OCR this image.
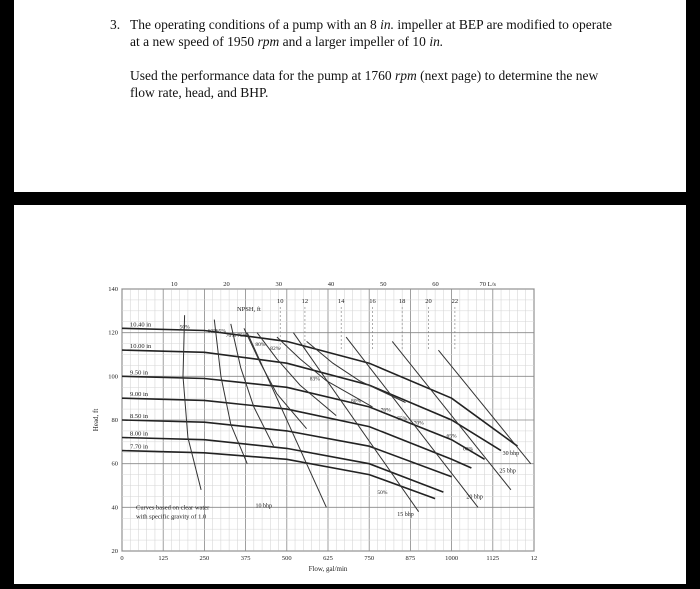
3. The operating conditions of a pump with an 8 in. impeller at BEP are modified to operate
at a new speed of 1950 rpm and a larger impeller of 10 in.
Used the performance data for the pump at 1760 rpm (next page) to determine the new
flow rate, head, and BHP.
0	125	250	375	500	625	750	875	1000	1125	12
140
120
100
80
60
40
20
10	20	30	40	50	60	70 L/s
Flow, gal/min
Head, ft
10	12	14	16	18	20	22
NPSH, ft
10.40 in
10.00 in
9.50 in
9.00 in
8.50 in
8.00 in
7.70 in
50%
60%
65%
70% 75%
80%
82%
83%
80%
76%
75%
70%
65%
60%
50%
10 bhp
15 bhp
20 bhp
25 bhp
30 bhp
Curves based on clear water
with specific gravity of 1.0
